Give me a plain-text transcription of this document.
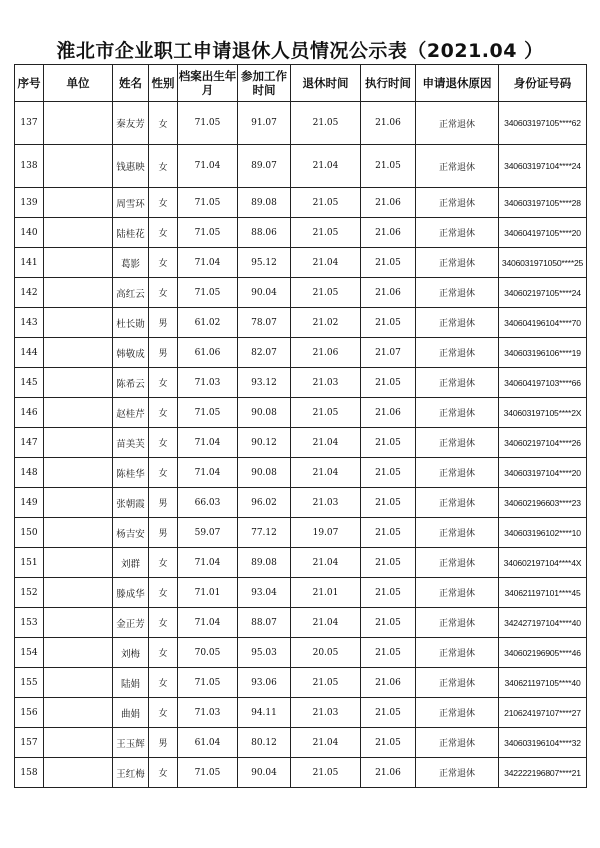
淮北市企业职工申请退休人员情况公示表（2021.04 ）
序号	单位	姓名	性别	档案出生年月	参加工作时间	退休时间	执行时间	申请退休原因	身份证号码
137		秦友芳	女	71.05	91.07	21.05	21.06	正常退休	340603197105****62
138		钱惠映	女	71.04	89.07	21.04	21.05	正常退休	340603197104****24
139		周雪环	女	71.05	89.08	21.05	21.06	正常退休	340603197105****28
140		陆桂花	女	71.05	88.06	21.05	21.06	正常退休	340604197105****20
141		葛影	女	71.04	95.12	21.04	21.05	正常退休	3406031971050****25
142		高红云	女	71.05	90.04	21.05	21.06	正常退休	340602197105****24
143		杜长勋	男	61.02	78.07	21.02	21.05	正常退休	340604196104****70
144		韩敬成	男	61.06	82.07	21.06	21.07	正常退休	340603196106****19
145		陈希云	女	71.03	93.12	21.03	21.05	正常退休	340604197103****66
146		赵桂芹	女	71.05	90.08	21.05	21.06	正常退休	340603197105****2X
147		苗美芙	女	71.04	90.12	21.04	21.05	正常退休	340602197104****26
148		陈桂华	女	71.04	90.08	21.04	21.05	正常退休	340603197104****20
149		张朝霞	男	66.03	96.02	21.03	21.05	正常退休	340602196603****23
150		杨吉安	男	59.07	77.12	19.07	21.05	正常退休	340603196102****10
151		刘群	女	71.04	89.08	21.04	21.05	正常退休	340602197104****4X
152		滕成华	女	71.01	93.04	21.01	21.05	正常退休	340621197101****45
153		金正芳	女	71.04	88.07	21.04	21.05	正常退休	342427197104****40
154		刘梅	女	70.05	95.03	20.05	21.05	正常退休	340602196905****46
155		陆娟	女	71.05	93.06	21.05	21.06	正常退休	340621197105****40
156		曲娟	女	71.03	94.11	21.03	21.05	正常退休	210624197107****27
157		王玉辉	男	61.04	80.12	21.04	21.05	正常退休	340603196104****32
158		王红梅	女	71.05	90.04	21.05	21.06	正常退休	342222196807****21
